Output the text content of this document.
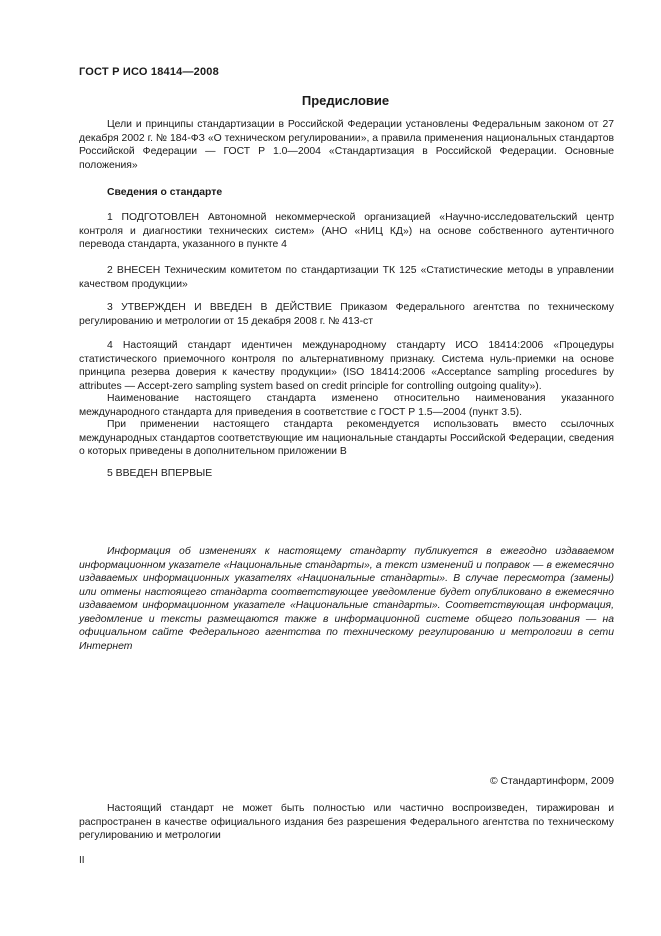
ГОСТ Р ИСО 18414—2008
Предисловие

Цели и принципы стандартизации в Российской Федерации установлены Федеральным законом от 27 декабря 2002 г. № 184-ФЗ «О техническом регулировании», а правила применения национальных стандартов Российской Федерации — ГОСТ Р 1.0—2004 «Стандартизация в Российской Федерации. Основные положения»

Сведения о стандарте

1 ПОДГОТОВЛЕН Автономной некоммерческой организацией «Научно-исследовательский центр контроля и диагностики технических систем» (АНО «НИЦ КД») на основе собственного аутентичного перевода стандарта, указанного в пункте 4

2 ВНЕСЕН Техническим комитетом по стандартизации ТК 125 «Статистические методы в управлении качеством продукции»

3 УТВЕРЖДЕН И ВВЕДЕН В ДЕЙСТВИЕ Приказом Федерального агентства по техническому регулированию и метрологии от 15 декабря 2008 г. № 413-ст

4 Настоящий стандарт идентичен международному стандарту ИСО 18414:2006 «Процедуры статистического приемочного контроля по альтернативному признаку. Система нуль-приемки на основе принципа резерва доверия к качеству продукции» (ISO 18414:2006 «Acceptance sampling procedures by attributes — Accept-zero sampling system based on credit principle for controlling outgoing quality»).

Наименование настоящего стандарта изменено относительно наименования указанного международного стандарта для приведения в соответствие с ГОСТ Р 1.5—2004 (пункт 3.5).

При применении настоящего стандарта рекомендуется использовать вместо ссылочных международных стандартов соответствующие им национальные стандарты Российской Федерации, сведения о которых приведены в дополнительном приложении В

5 ВВЕДЕН ВПЕРВЫЕ

Информация об изменениях к настоящему стандарту публикуется в ежегодно издаваемом информационном указателе «Национальные стандарты», а текст изменений и поправок — в ежемесячно издаваемых информационных указателях «Национальные стандарты». В случае пересмотра (замены) или отмены настоящего стандарта соответствующее уведомление будет опубликовано в ежемесячно издаваемом информационном указателе «Национальные стандарты». Соответствующая информация, уведомление и тексты размещаются также в информационной системе общего пользования — на официальном сайте Федерального агентства по техническому регулированию и метрологии в сети Интернет

© Стандартинформ, 2009

Настоящий стандарт не может быть полностью или частично воспроизведен, тиражирован и распространен в качестве официального издания без разрешения Федерального агентства по техническому регулированию и метрологии

II
